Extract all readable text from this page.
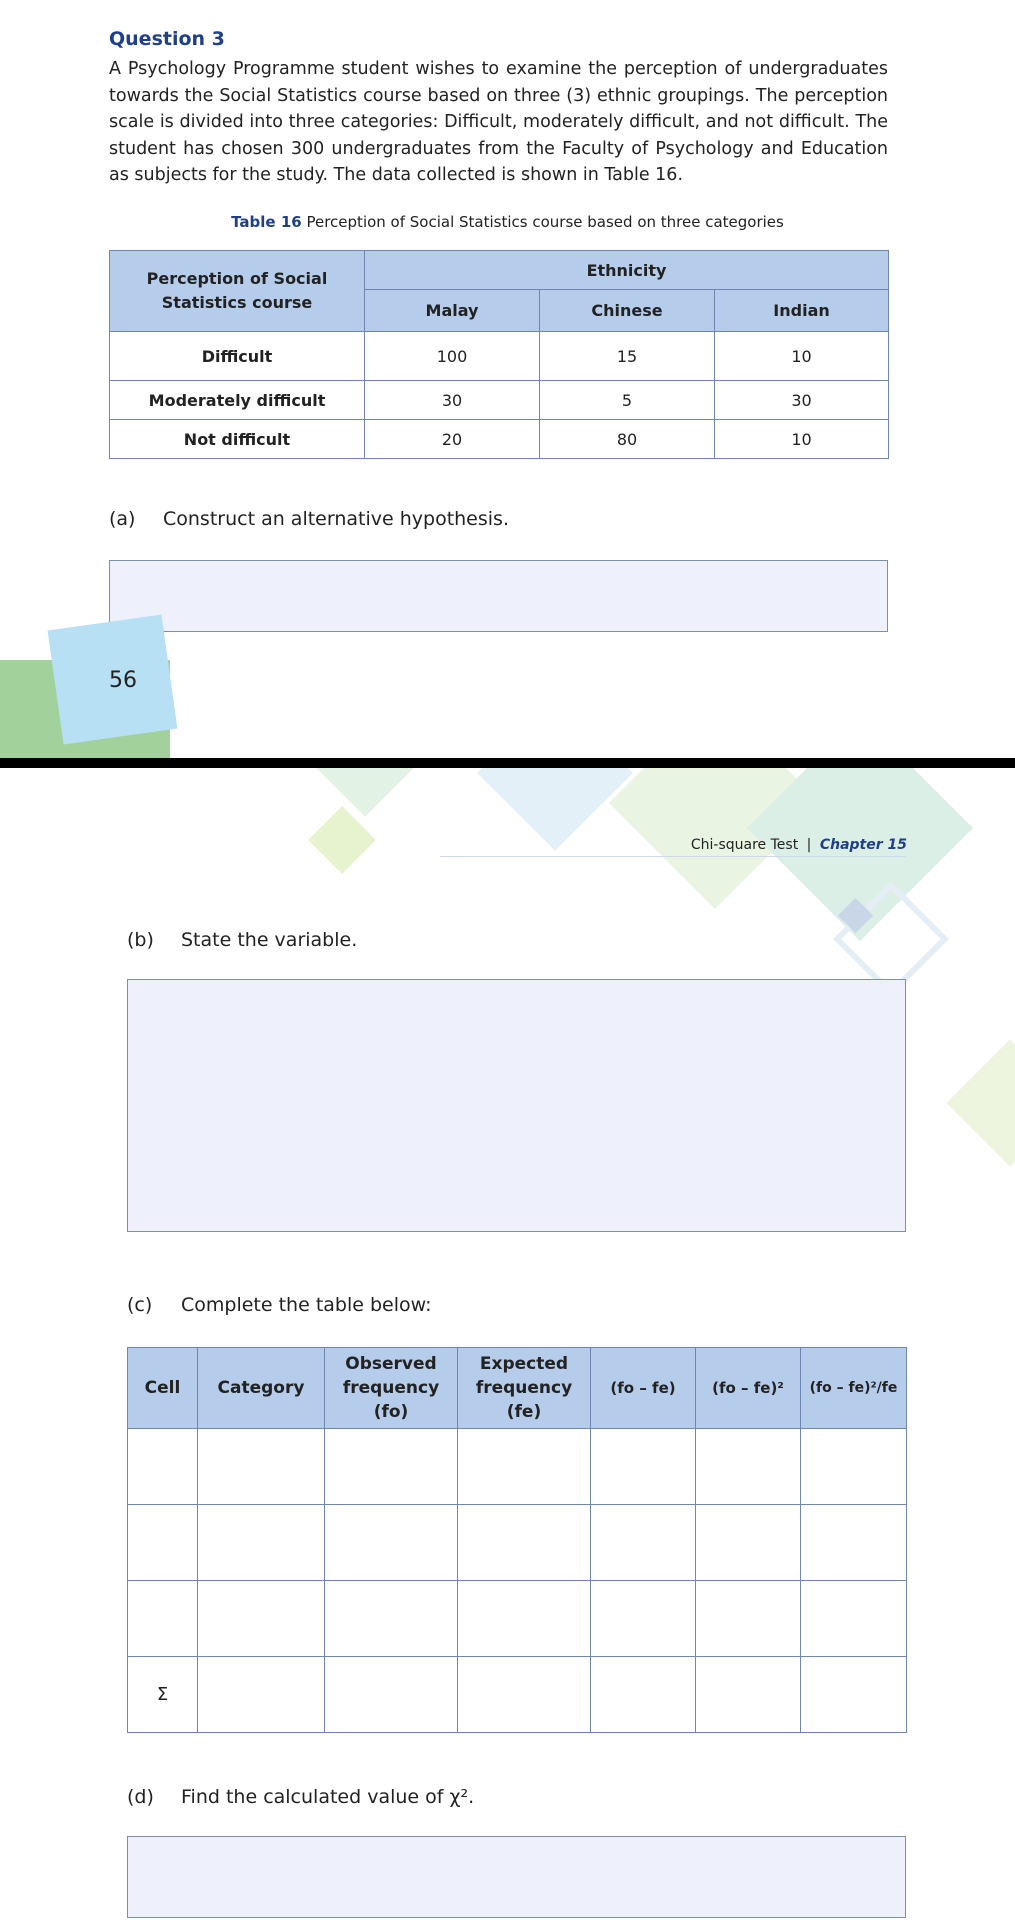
Question 3
A Psychology Programme student wishes to examine the perception of undergraduates towards the Social Statistics course based on three (3) ethnic groupings. The perception scale is divided into three categories: Difficult, moderately difficult, and not difficult. The student has chosen 300 undergraduates from the Faculty of Psychology and Education as subjects for the study. The data collected is shown in Table 16.
Table 16 Perception of Social Statistics course based on three categories
Perception of Social Statistics course	Ethnicity		
	Malay	Chinese	Indian
Difficult	100	15	10
Moderately difficult	30	5	30
Not difficult	20	80	10
(a) Construct an alternative hypothesis.
56
Chi-square Test | Chapter 15
(b) State the variable.
(c) Complete the table below:
Cell	Category	Observed frequency (fo)	Expected frequency (fe)	(fo – fe)	(fo – fe)²	(fo – fe)²/fe

Σ						
(d) Find the calculated value of χ².
